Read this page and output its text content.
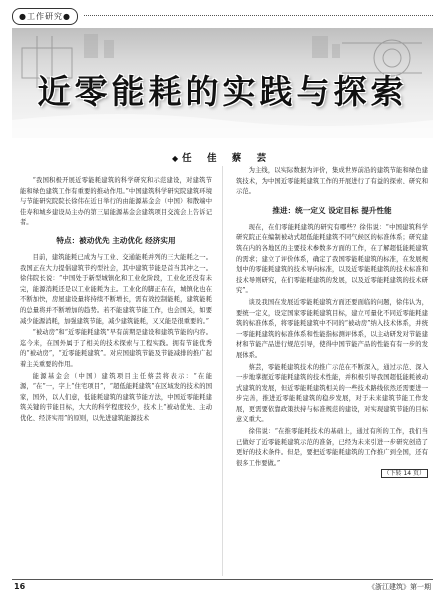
●工作研究●
近零能耗的实践与探索
◆ 任 佳 蔡 芸

“我国积极开展近零能耗建筑的科学研究和示范建设，对建筑节能和绿色建筑工作有重要的推动作用。”中国建筑科学研究院建筑环境与节能研究院院长徐伟在近日举行的由能源基金会（中国）和散端中佳寿和城乡建设局主办的第三届能源基金会建筑项目交流会上告诉记者。

特点：被动优先 主动优化 经济实用

目前，建筑能耗已成为与工业、交通能耗并列的三大能耗之一。我国正在大力提倡建筑节约型社会，其中建筑节能是首当其冲之一。徐伟院长说：“中国处于新型城镇化和工业化阶段，工业化还没有未完，能源消耗还是以工业能耗为主。工业化的脚正在在，城镇化也在不断加快，房屋建设量将持续不断增长，需有效控制能耗，建筑能耗的总量将并不断增加的趋势。若不能建筑节能工作，也会国关，如要减少能源消耗，加强建筑节能，减少建筑能耗，又又能是很重要的。”

“被动房”和“近零能耗建筑”早有前期是建设和建筑节能的内容。迄今来，在国外属于了相关的技术探索与工程实践。拥有节能优秀的“被动房”，“近零能耗建筑”。对应国建筑节能及节能减排的推广起着主关重要的作用。

能源基金会（中国）建筑项目主任蔡芸将表示：“在能源，“在”一，字上“住宅项目”，“超低能耗建筑”在区域发的技术的国家，国外，以人们意，低能耗建筑的建筑节能方法，中国近零能耗建筑关键的节能目标，大大的科学程度较少，技术上“被动优先、主动优化、经济实用”的原则，以先进建筑能源技术

为主线，以实际数据为评价，集成世界前沿的建筑节能和绿色建筑技术，为中国近零能耗建筑工作的开展进行了有益的探索、研究和示范。

推进：统一定义 设定目标 提升性能

现在，在们零能耗建筑的研究有哪些？徐伟说：“中国建筑科学研究院正在编制被动式超低能耗建筑不同气候区的标准体系；研究建筑在内的各地区的主要技术参数多方面的工作，在了解超低能耗建筑的需求；建立了评价体系，确定了我国零能耗建筑的标准，在发展规划中的零能耗建筑的技术导向标准，以及近零能耗建筑的技术标准和技术导则研究，在们零能耗建筑的发展，以及近零能耗建筑的技术研究”。

谈及我国在发展近零能耗建筑方面还要面临的问题，徐伟认为，要统一定义，设定国家零能耗建筑目标，建立可量化不同近零能耗建筑的标准体系，将零能耗建筑中不同的“被动房”纳入技术体系，并统一零能耗建筑的标准体系和性能指标测评体系，以主动研发对节能建材和节能产品进行规范引导，使得中国节能产品的性能有有一步的发展体系。

蔡芸，零能耗建筑技术的推广示范在不断深入，通过示范、深入一步地掌握近零能耗建筑的技术性能，并积极引导我国超低能耗被动式建筑的发展，但近零能耗建筑相关的一些技术路线依然还需要进一步完善，推进近零能耗建筑的稳步发展，对于未来建筑节能工作发展，更需要依靠政策扶持与标准规范的建设，对实现建筑节能的目标意义重大。

徐伟说：“在推零能耗技术的基础上，通过有所的工作，我们当已做好了近零能耗建筑示范的准备，已经为未来引进一步研究创造了更好的技术条件。但是，要把近零能耗建筑的工作推广到全国，还有很多工作要做。”

（下转 14 页）
16	《浙江建筑》第一期
